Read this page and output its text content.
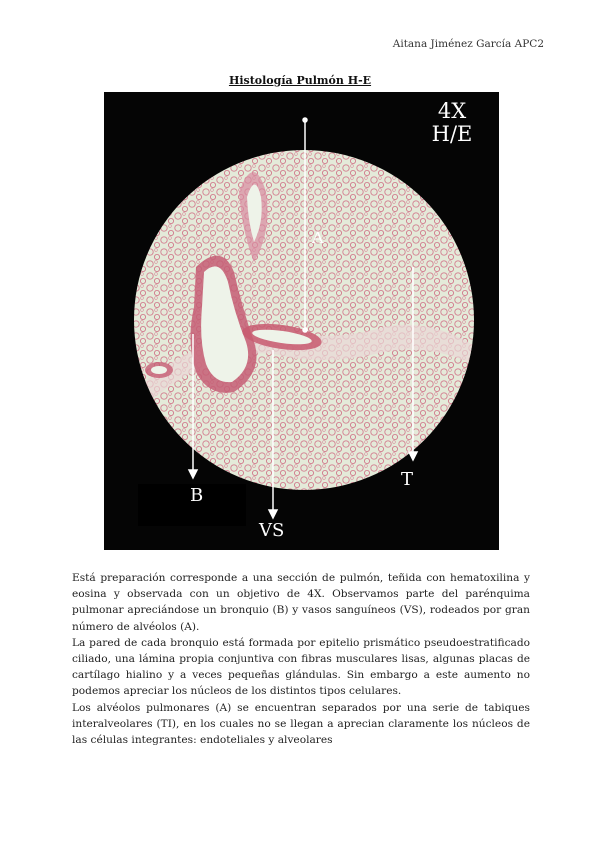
Aitana Jiménez García APC2
Histología Pulmón H-E
4X
H/E
A
B
VS
T

Está preparación corresponde a una sección de pulmón, teñida con hematoxilina y eosina y observada con un objetivo de 4X. Observamos parte del parénquima pulmonar apreciándose un bronquio (B) y vasos sanguíneos (VS), rodeados por gran número de alvéolos (A).

La pared de cada bronquio está formada por epitelio prismático pseudoestratificado ciliado, una lámina propia conjuntiva con fibras musculares lisas, algunas placas de cartílago hialino y a veces pequeñas glándulas. Sin embargo a este aumento no podemos apreciar los núcleos de los distintos tipos celulares.

Los alvéolos pulmonares (A) se encuentran separados por una serie de tabiques interalveolares (TI), en los cuales no se llegan a aprecian claramente los núcleos de las células integrantes: endoteliales y alveolares
